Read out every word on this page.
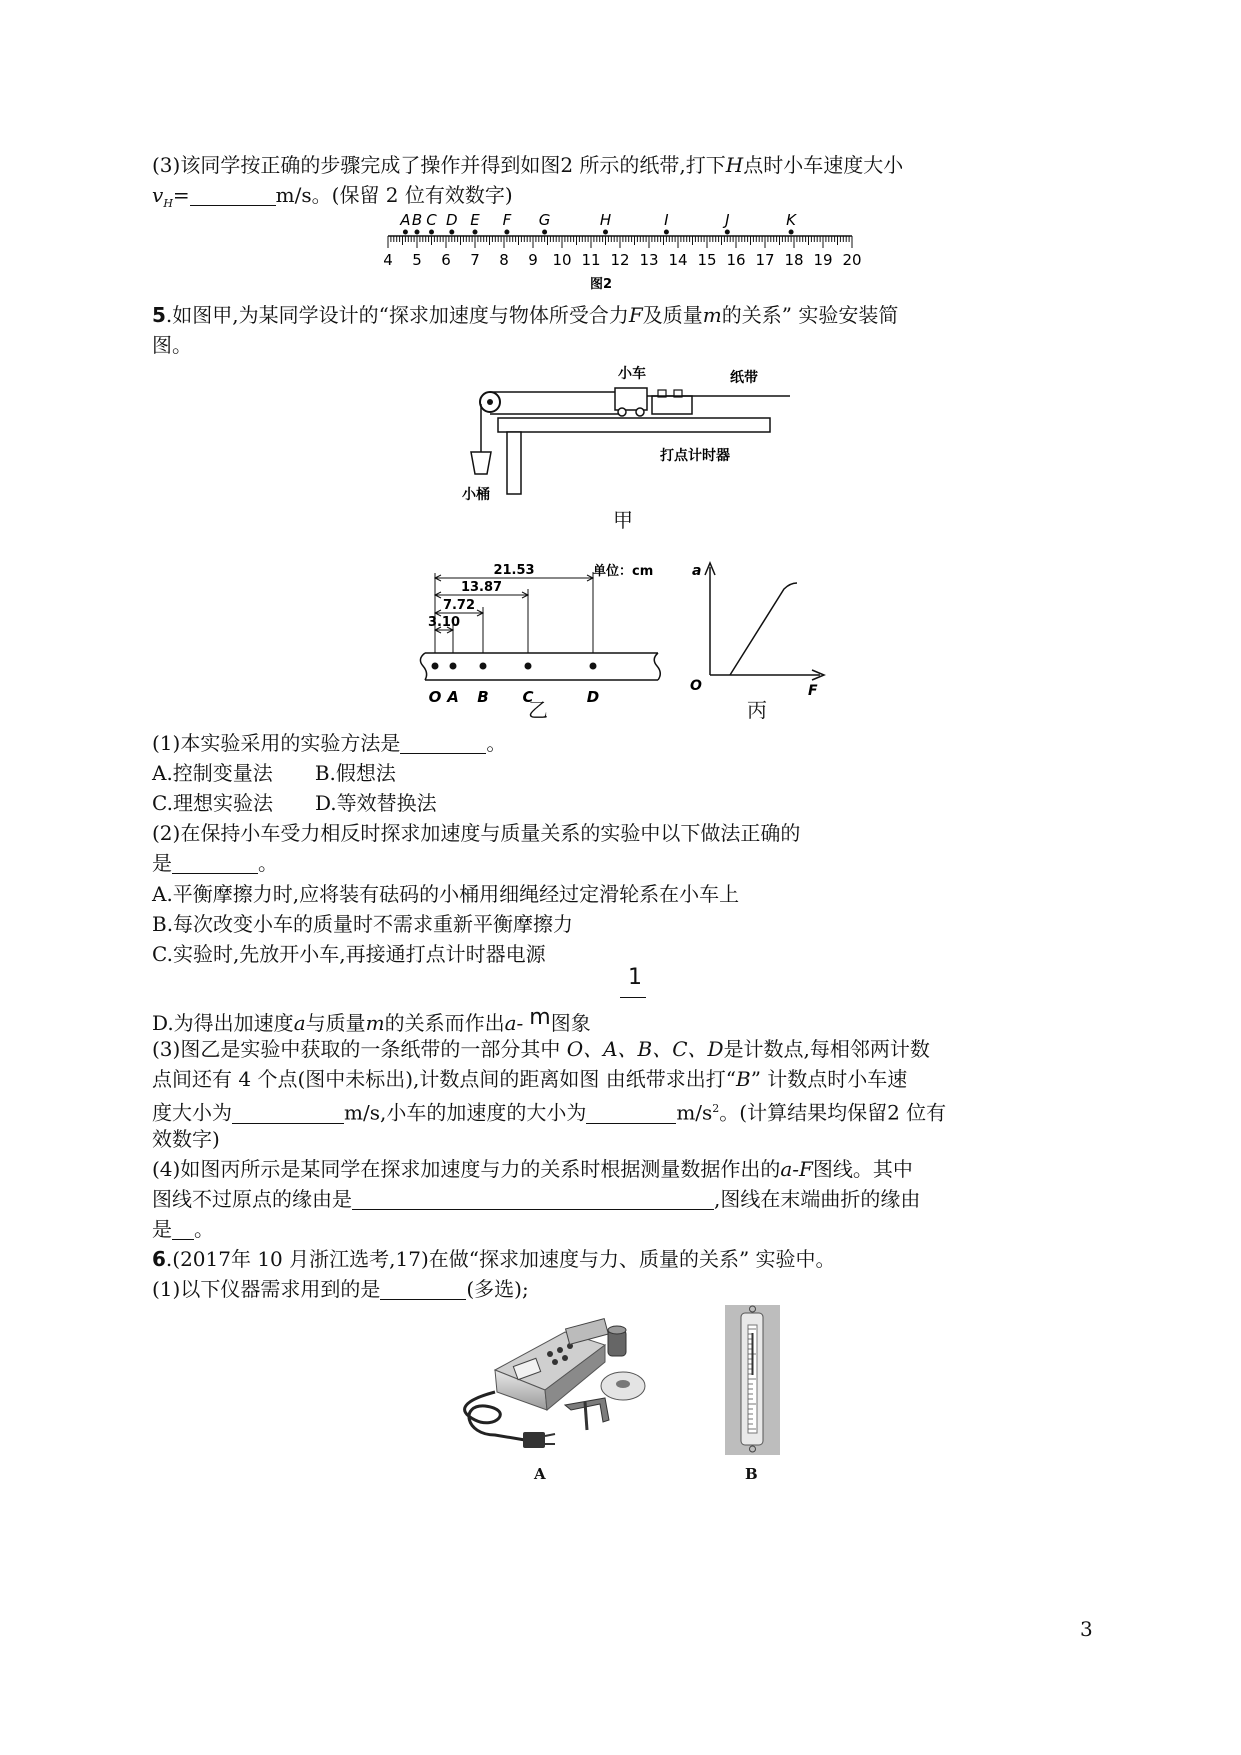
(3)该同学按正确的步骤完成了操作并得到如图2 所示的纸带,打下H点时小车速度大小
$v_H=$	m/s。(保留 2 位有效数字)
A B C D E F G	H	I	J	K
4 5 6 7 8 9 10 11 12 13 14 15 16 17 18 19 20
图2
5.如图甲,为某同学设计的“探求加速度与物体所受合力F及质量m的关系” 实验安装简
图。
小车	纸带
打点计时器
小桶
甲
单位：cm
21.53
13.87
7.72
3.10
O A B C	D
乙
a
O	F
丙
(1)本实验采用的实验方法是	。
A.控制变量法 B.假想法
C.理想实验法 D.等效替换法
(2)在保持小车受力相反时探求加速度与质量关系的实验中以下做法正确的
是	。
A.平衡摩擦力时,应将装有砝码的小桶用细绳经过定滑轮系在小车上
B.每次改变小车的质量时不需求重新平衡摩擦力
C.实验时,先放开小车,再接通打点计时器电源
1
D.为得出加速度a与质量m的关系而作出a- m图象
(3)图乙是实验中获取的一条纸带的一部分其中 O、A、B、C、D是计数点,每相邻两计数
点间还有 4 个点(图中未标出),计数点间的距离如图 由纸带求出打“B” 计数点时小车速
度大小为	m/s,小车的加速度的大小为	$m/s^2$。(计算结果均保留2 位有
效数字)
(4)如图丙所示是某同学在探求加速度与力的关系时根据测量数据作出的a-F图线。其中
图线不过原点的缘由是	,图线在末端曲折的缘由
是 。
6.(2017年 10 月浙江选考,17)在做“探求加速度与力、质量的关系” 实验中。
(1)以下仪器需求用到的是	(多选);
A	B
3
